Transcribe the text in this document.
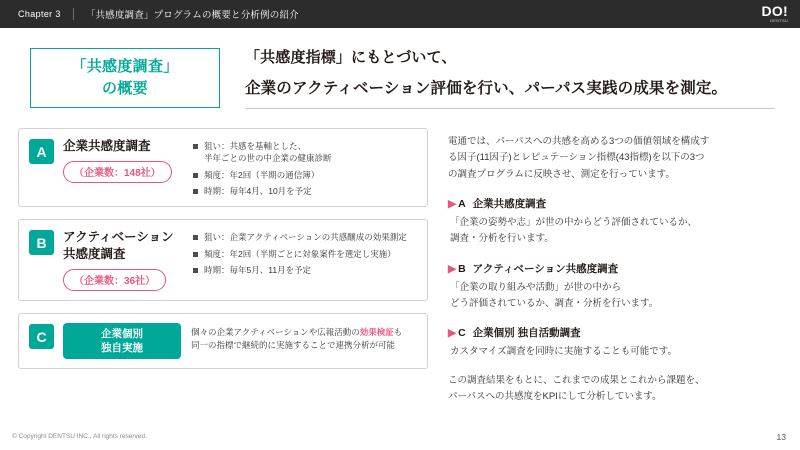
Chapter 3	「共感度調査」プログラムの概要と分析例の紹介	DO!
DENTSU
「共感度調査」
の概要
「共感度指標」にもとづいて、
企業のアクティベーション評価を行い、パーパス実践の成果を測定。
A	企業共感度調査
（企業数：148社）
狙い：共感を基軸とした、
半年ごとの世の中企業の健康診断
頻度：年2回（半期の通信簿）
時期：毎年4月、10月を予定
B	アクティベーション
共感度調査
（企業数：36社）
狙い：企業アクティベーションの共感醸成の効果測定
頻度：年2回（半期ごとに対象案件を選定し実施）
時期：毎年5月、11月を予定
C	企業個別
独自実施
個々の企業アクティベーションや広報活動の効果検証も
同一の指標で継続的に実施することで連携分析が可能

電通では、パーパスへの共感を高める3つの価値領域を構成す

る因子(11因子)とレピュテーション指標(43指標)を以下の3つ

の調査プログラムに反映させ、測定を行っています。

▶ A 企業共感度調査

「企業の姿勢や志」が世の中からどう評価されているか、

調査・分析を行います。

▶ B アクティベーション共感度調査

「企業の取り組みや活動」が世の中から

どう評価されているか、調査・分析を行います。

▶ C 企業個別 独自活動調査

カスタマイズ調査を同時に実施することも可能です。

この調査結果をもとに、これまでの成果とこれから課題を、

パーパスへの共感度をKPIにして分析しています。

© Copyright DENTSU INC., All rights reserved.	13
